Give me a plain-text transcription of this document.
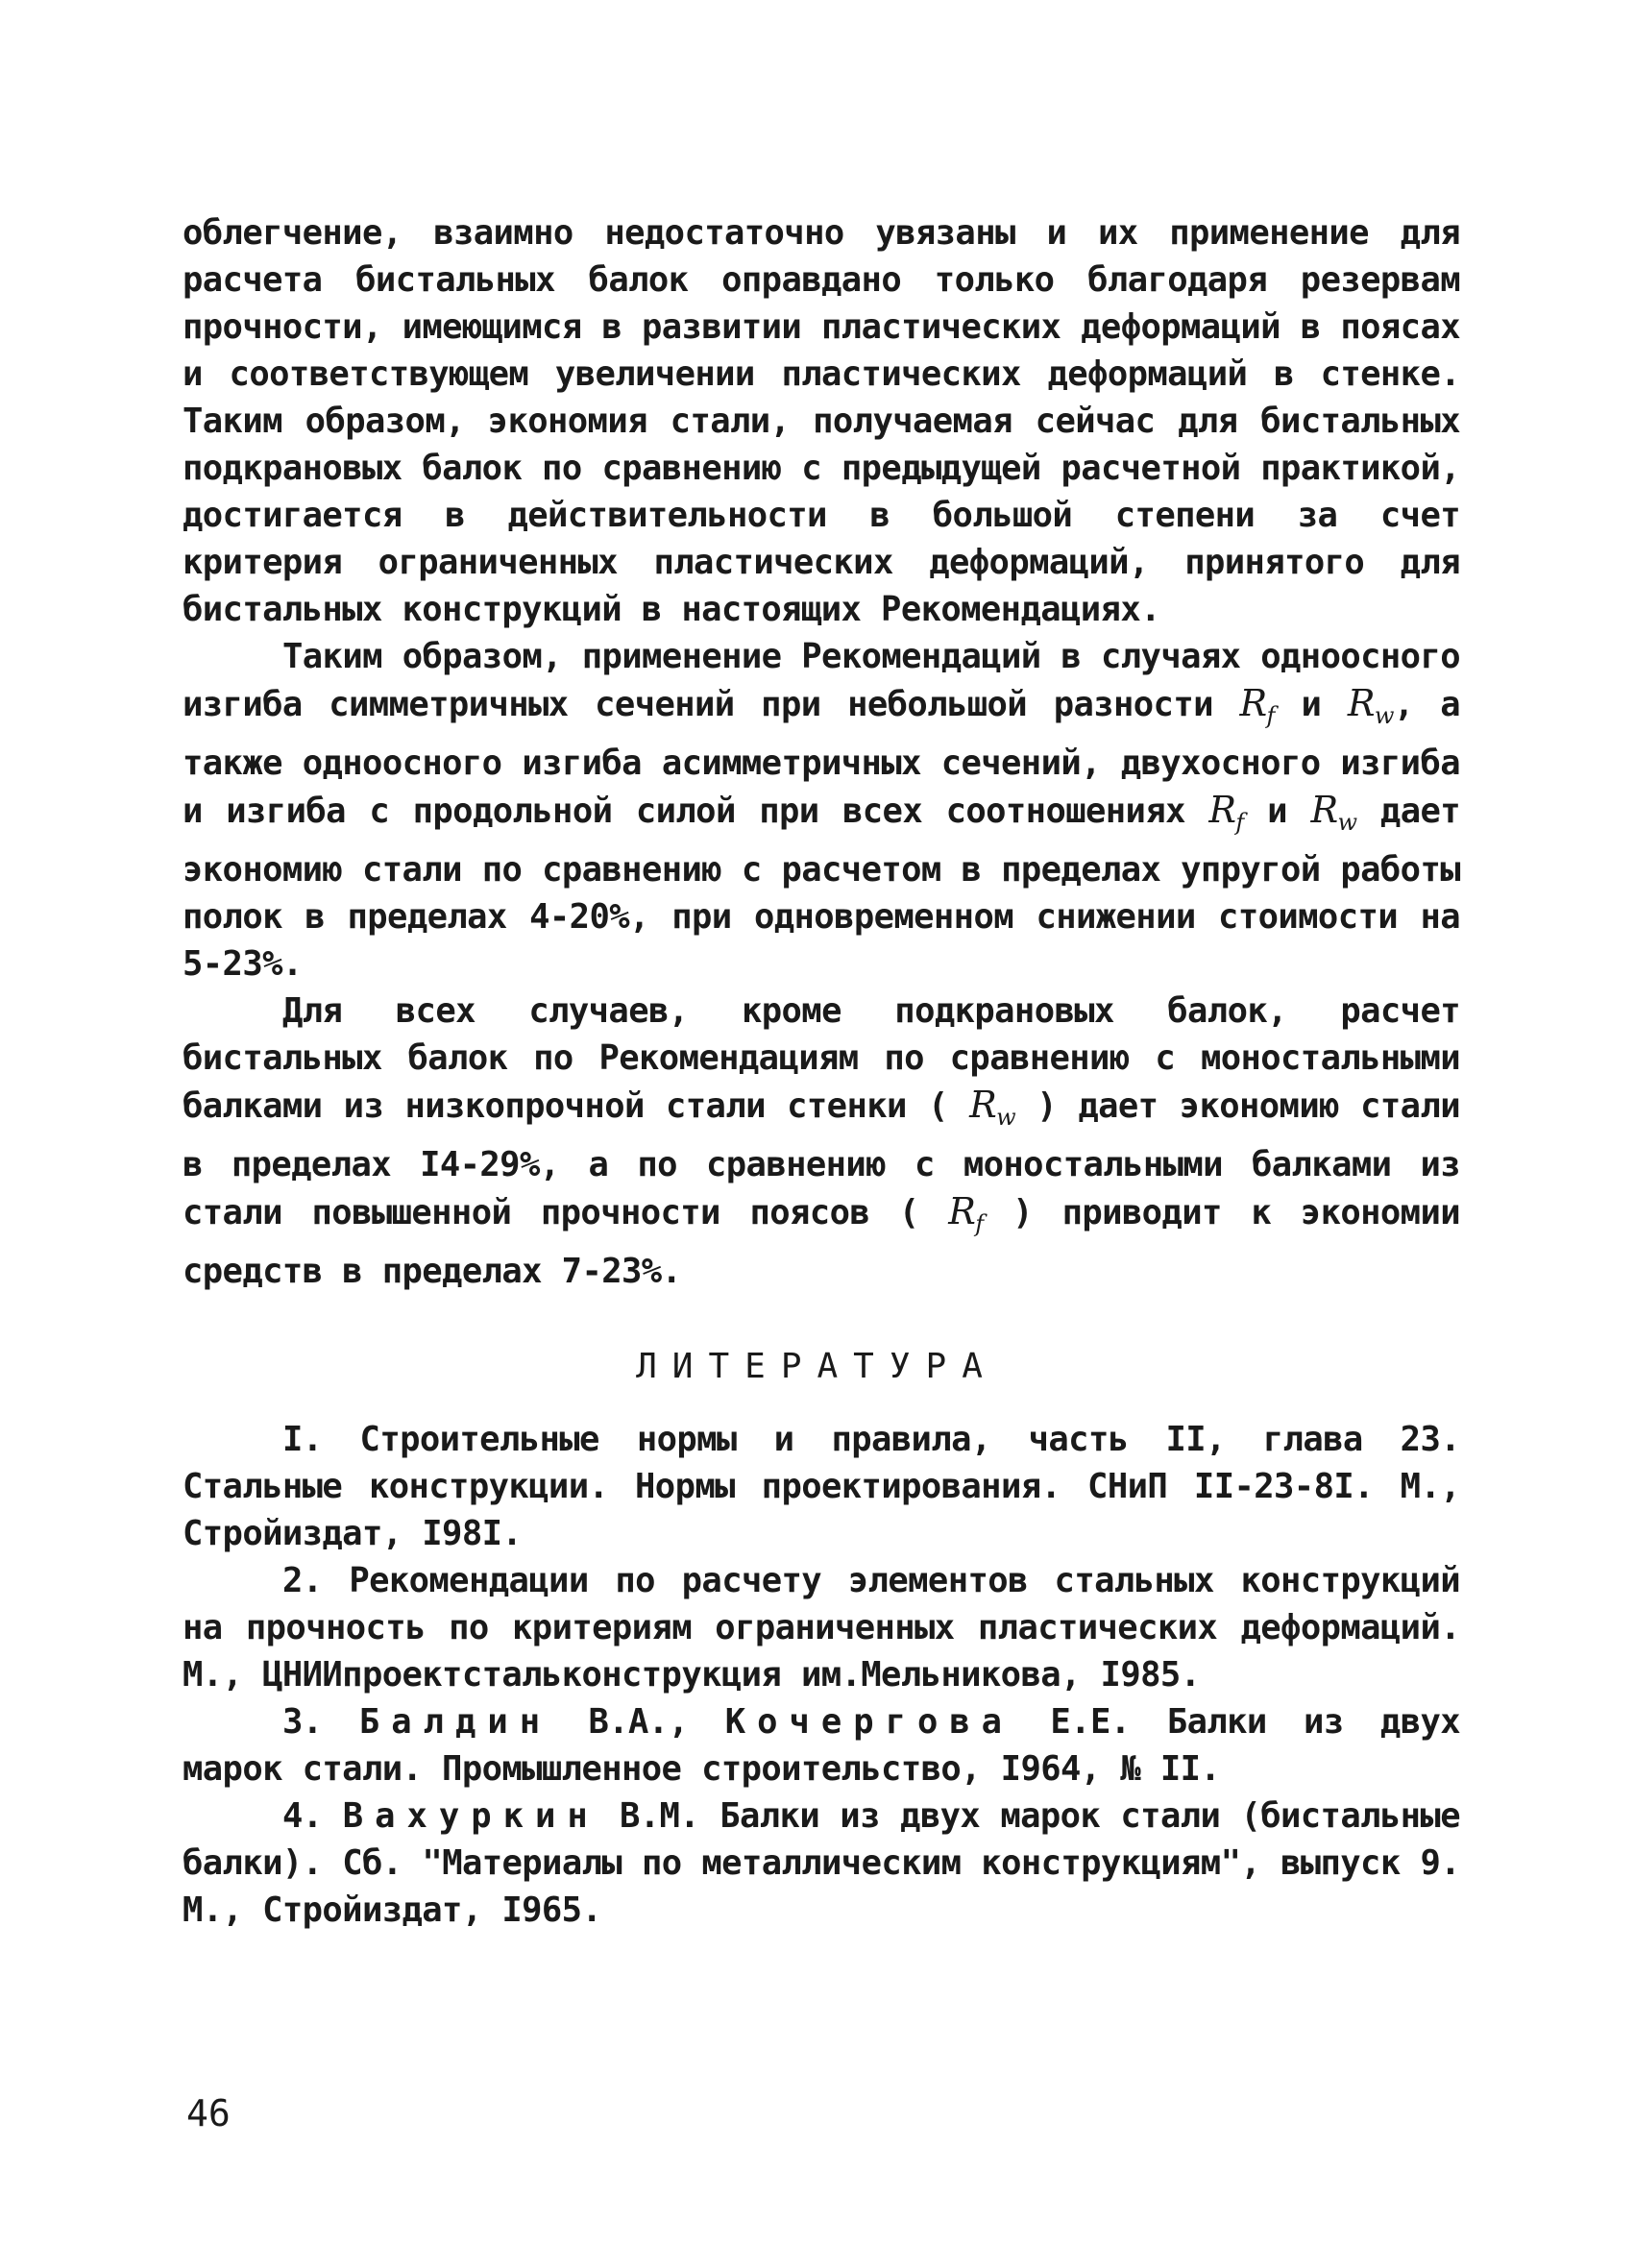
облегчение, взаимно недостаточно увязаны и их применение для расчета бистальных балок оправдано только благодаря резервам прочности, имеющимся в развитии пластических деформаций в поясах и соответствующем увеличении пластических деформаций в стенке. Таким образом, экономия стали, получаемая сейчас для бистальных подкрановых балок по сравнению с предыдущей расчетной практикой, достигается в действительности в большой степени за счет критерия ограниченных пластических деформаций, принятого для бистальных конструкций в настоящих Рекомендациях.

Таким образом, применение Рекомендаций в случаях одноосного изгиба симметричных сечений при небольшой разности $R_f$ и $R_w$, а также одноосного изгиба асимметричных сечений, двухосного изгиба и изгиба с продольной силой при всех соотношениях $R_f$ и $R_w$ дает экономию стали по сравнению с расчетом в пределах упругой работы полок в пределах 4-20%, при одновременном снижении стоимости на 5-23%.

Для всех случаев, кроме подкрановых балок, расчет бистальных балок по Рекомендациям по сравнению с моностальными балками из низкопрочной стали стенки ( $R_w$ ) дает экономию стали в пределах I4-29%, а по сравнению с моностальными балками из стали повышенной прочности поясов ( $R_f$ ) приводит к экономии средств в пределах 7-23%.

ЛИТЕРАТУРА

I. Строительные нормы и правила, часть II, глава 23. Стальные конструкции. Нормы проектирования. СНиП II-23-8I. М., Стройиздат, I98I.

2. Рекомендации по расчету элементов стальных конструкций на прочность по критериям ограниченных пластических деформаций. М., ЦНИИпроектстальконструкция им.Мельникова, I985.

3. Балдин В.А., Кочергова Е.Е. Балки из двух марок стали. Промышленное строительство, I964, № II.

4. Вахуркин В.М. Балки из двух марок стали (бистальные балки). Сб. "Материалы по металлическим конструкциям", выпуск 9. М., Стройиздат, I965.

46
